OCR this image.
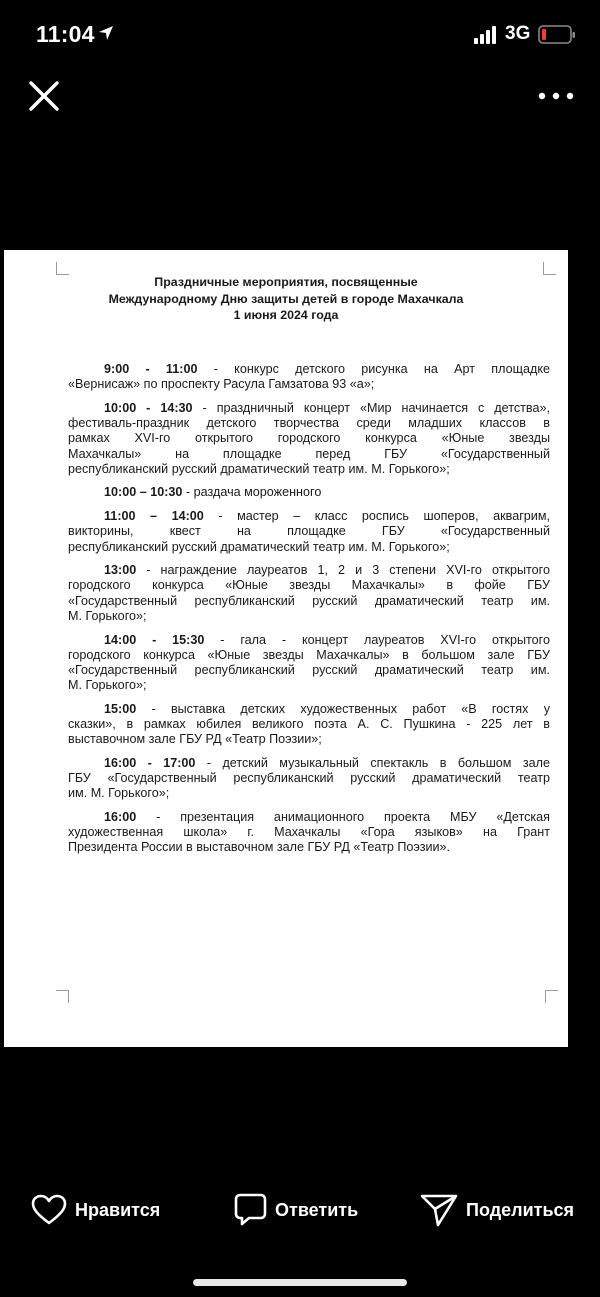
11:04	3G
Праздничные мероприятия, посвященные
Международному Дню защиты детей в городе Махачкала
1 июня 2024 года
9:00 - 11:00 - конкурс детского рисунка на Арт площадке
«Вернисаж» по проспекту Расула Гамзатова 93 «а»;
10:00 - 14:30 - праздничный концерт «Мир начинается с детства»,
фестиваль-праздник детского творчества среди младших классов в
рамках XVI-го открытого городского конкурса «Юные звезды
Махачкалы» на площадке перед ГБУ «Государственный
республиканский русский драматический театр им. М. Горького»;
10:00 – 10:30 - раздача мороженного
11:00 – 14:00 - мастер – класс роспись шоперов, аквагрим,
викторины, квест на площадке ГБУ «Государственный
республиканский русский драматический театр им. М. Горького»;
13:00 - награждение лауреатов 1, 2 и 3 степени XVI-го открытого
городского конкурса «Юные звезды Махачкалы» в фойе ГБУ
«Государственный республиканский русский драматический театр им.
М. Горького»;
14:00 - 15:30 - гала - концерт лауреатов XVI-го открытого
городского конкурса «Юные звезды Махачкалы» в большом зале ГБУ
«Государственный республиканский русский драматический театр им.
М. Горького»;
15:00 - выставка детских художественных работ «В гостях у
сказки», в рамках юбилея великого поэта А. С. Пушкина - 225 лет в
выставочном зале ГБУ РД «Театр Поэзии»;
16:00 - 17:00 - детский музыкальный спектакль в большом зале
ГБУ «Государственный республиканский русский драматический театр
им. М. Горького»;
16:00 - презентация анимационного проекта МБУ «Детская
художественная школа» г. Махачкалы «Гора языков» на Грант
Президента России в выставочном зале ГБУ РД «Театр Поэзии».
Нравится	Ответить	Поделиться
